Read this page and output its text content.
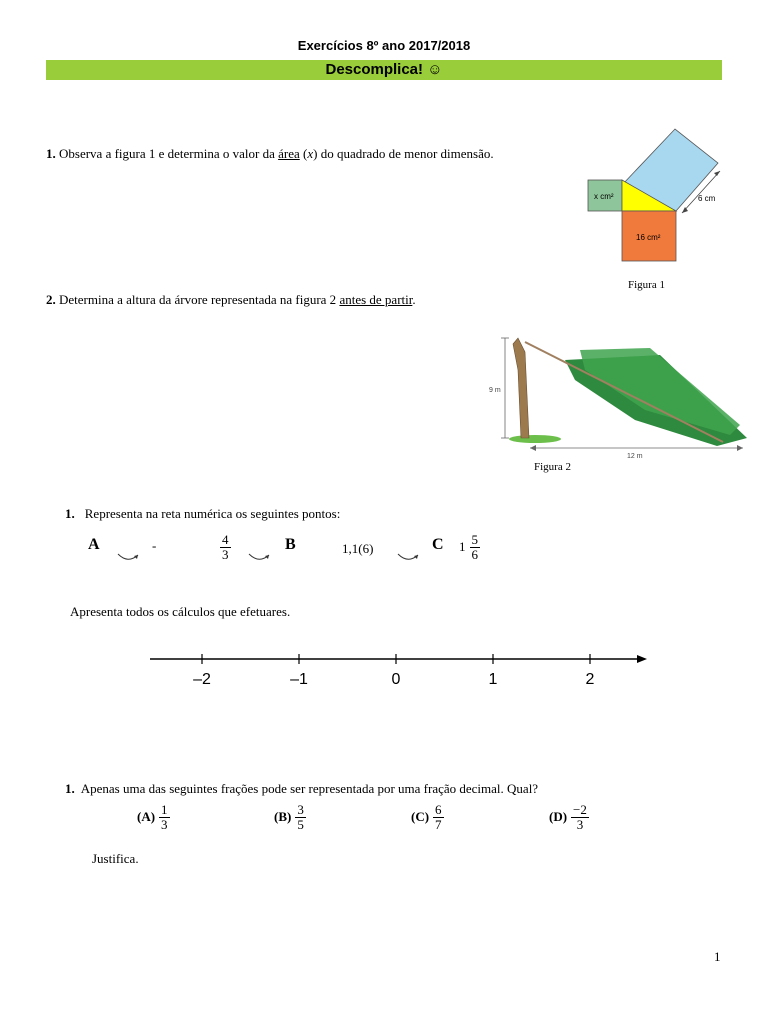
Exercícios 8º ano 2017/2018
Descomplica! ☺
1. Observa a figura 1 e determina o valor da área (x) do quadrado de menor dimensão.
x cm²
16 cm²
6 cm
Figura 1
2. Determina a altura da árvore representada na figura 2 antes de partir.
9 m
12 m
Figura 2
1. Representa na reta numérica os seguintes pontos:
A	-	$\frac{4}{3}$	B	1,1(6)	C $1 \frac{5}{6}$
Apresenta todos os cálculos que efetuares.
–2	–1	0	1	2
1. Apenas uma das seguintes frações pode ser representada por uma fração decimal. Qual?
$(A) \frac{1}{3}$	$(B) \frac{3}{5}$	$(C) \frac{6}{7}$	$(D) \frac{-2}{3}$
Justifica.
1
